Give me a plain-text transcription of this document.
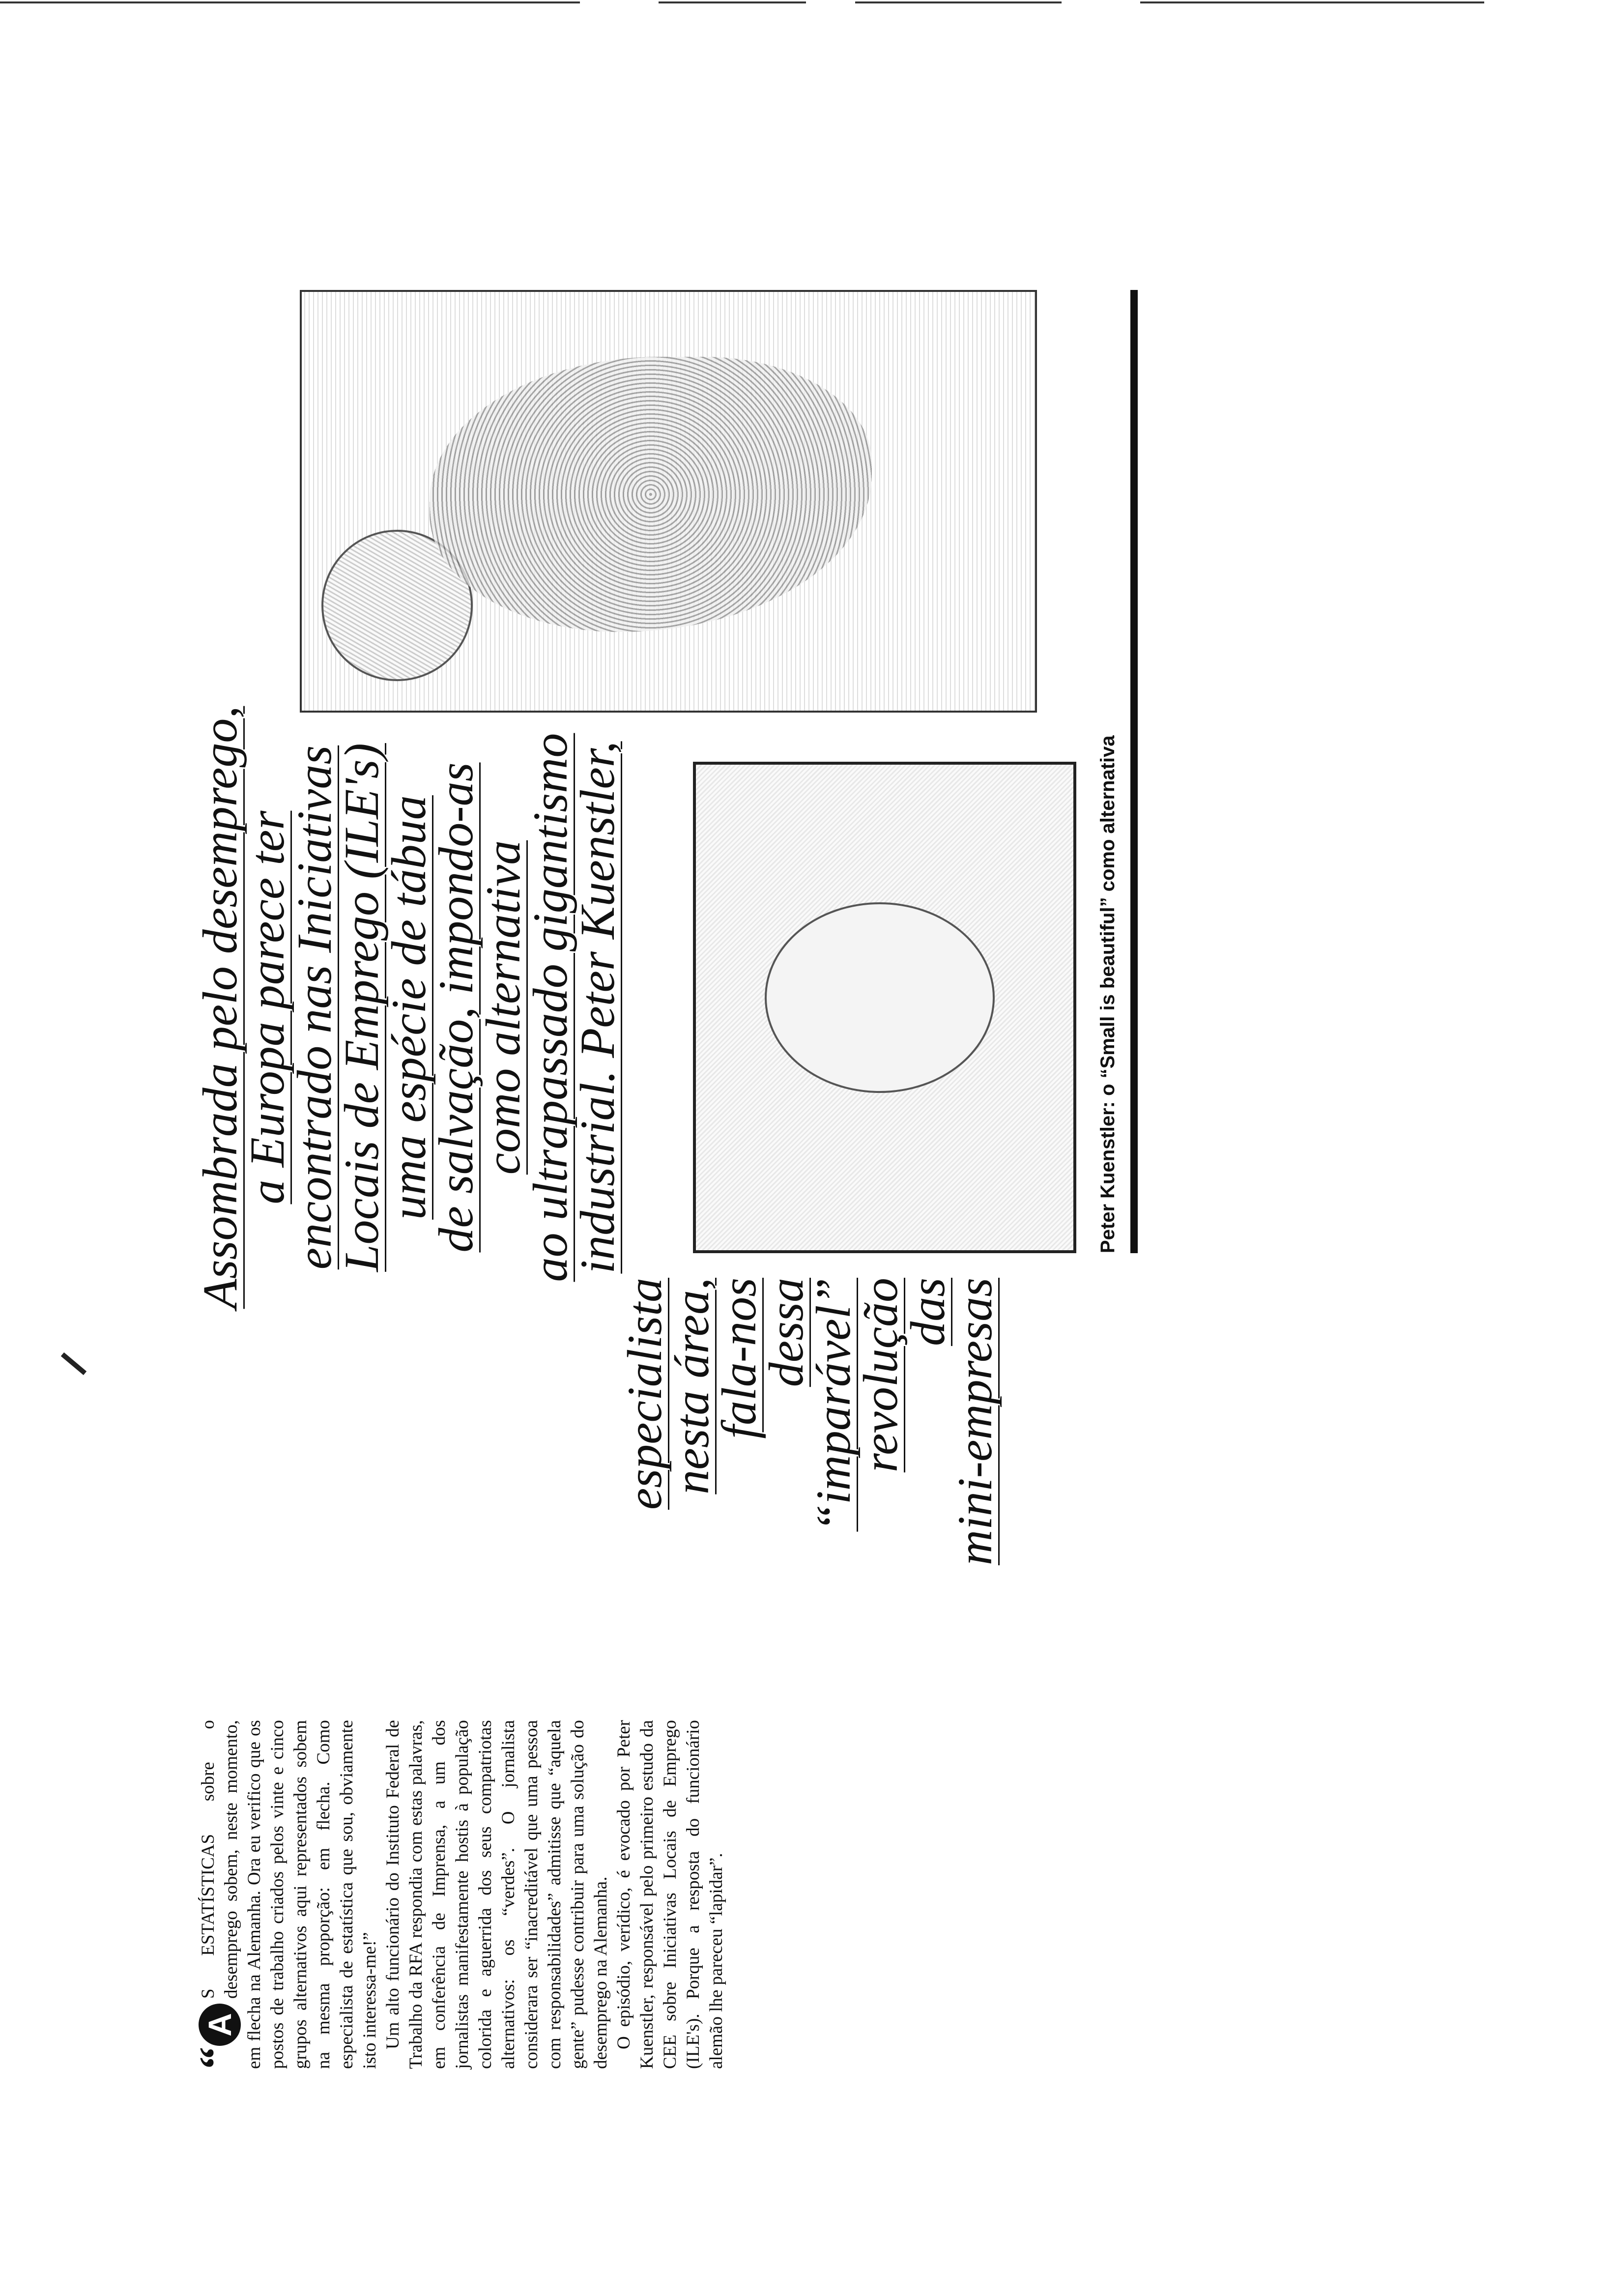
“
A
S ESTATÍSTICAS sobre o desemprego sobem, neste momento, em flecha na Alemanha. Ora eu verifico que os postos de trabalho criados pelos vinte e cinco grupos alternativos aqui representados sobem na mesma proporção: em flecha. Como especialista de estatística que sou, obviamente isto interessa-me!” Um alto funcionário do Instituto Federal de Trabalho da RFA respondia com estas palavras, em conferência de Imprensa, a um dos jornalistas manifestamente hostis à população colorida e aguerrida dos seus compatriotas alternativos: os “verdes”. O jornalista considerara ser “inacreditável que uma pessoa com responsabilidades” admitisse que “aquela gente” pudesse contribuir para uma solução do desemprego na Alemanha. O episódio, verídico, é evocado por Peter Kuenstler, responsável pelo primeiro estudo da CEE sobre Iniciativas Locais de Emprego (ILE's). Porque a resposta do funcionário alemão lhe pareceu “lapidar”.

Assombrada pelo desemprego,
a Europa parece ter
encontrado nas Iniciativas
Locais de Emprego (ILE's)
uma espécie de tábua
de salvação, impondo-as
como alternativa
ao ultrapassado gigantismo
industrial. Peter Kuenstler,
especialista
nesta área,
fala-nos
dessa
“imparável”
revolução
das
mini-empresas
Peter Kuenstler: o “Small is beautiful” como alternativa
